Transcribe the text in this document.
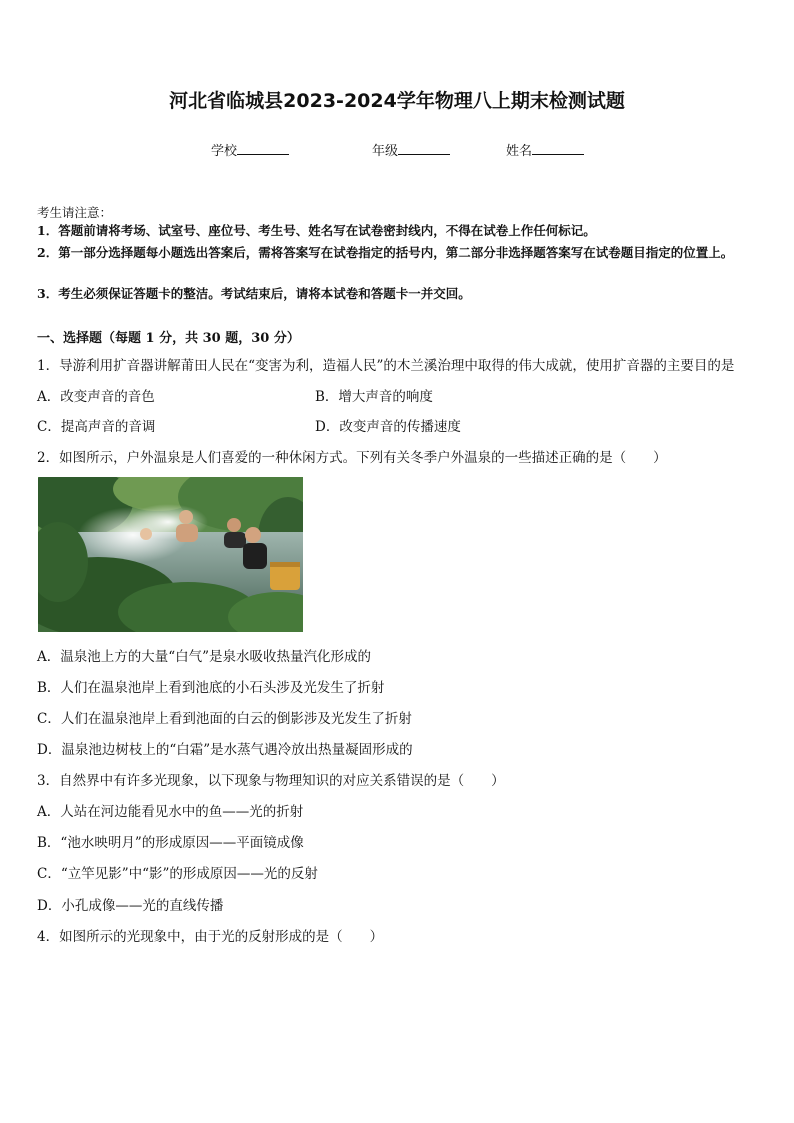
河北省临城县2023-2024学年物理八上期末检测试题
学校	年级	姓名
考生请注意：
1．答题前请将考场、试室号、座位号、考生号、姓名写在试卷密封线内，不得在试卷上作任何标记。
2．第一部分选择题每小题选出答案后，需将答案写在试卷指定的括号内，第二部分非选择题答案写在试卷题目指定的位置上。
3．考生必须保证答题卡的整洁。考试结束后，请将本试卷和答题卡一并交回。
一、选择题（每题 1 分，共 30 题，30 分）
1．导游利用扩音器讲解莆田人民在“变害为利，造福人民”的木兰溪治理中取得的伟大成就，使用扩音器的主要目的是
A．改变声音的音色	B．增大声音的响度
C．提高声音的音调	D．改变声音的传播速度
2．如图所示，户外温泉是人们喜爱的一种休闲方式。下列有关冬季户外温泉的一些描述正确的是（　　）
A．温泉池上方的大量“白气”是泉水吸收热量汽化形成的
B．人们在温泉池岸上看到池底的小石头涉及光发生了折射
C．人们在温泉池岸上看到池面的白云的倒影涉及光发生了折射
D．温泉池边树枝上的“白霜”是水蒸气遇冷放出热量凝固形成的
3．自然界中有许多光现象，以下现象与物理知识的对应关系错误的是（　　）
A．人站在河边能看见水中的鱼——光的折射
B．“池水映明月”的形成原因——平面镜成像
C．“立竿见影”中“影”的形成原因——光的反射
D．小孔成像——光的直线传播
4．如图所示的光现象中，由于光的反射形成的是（　　）
